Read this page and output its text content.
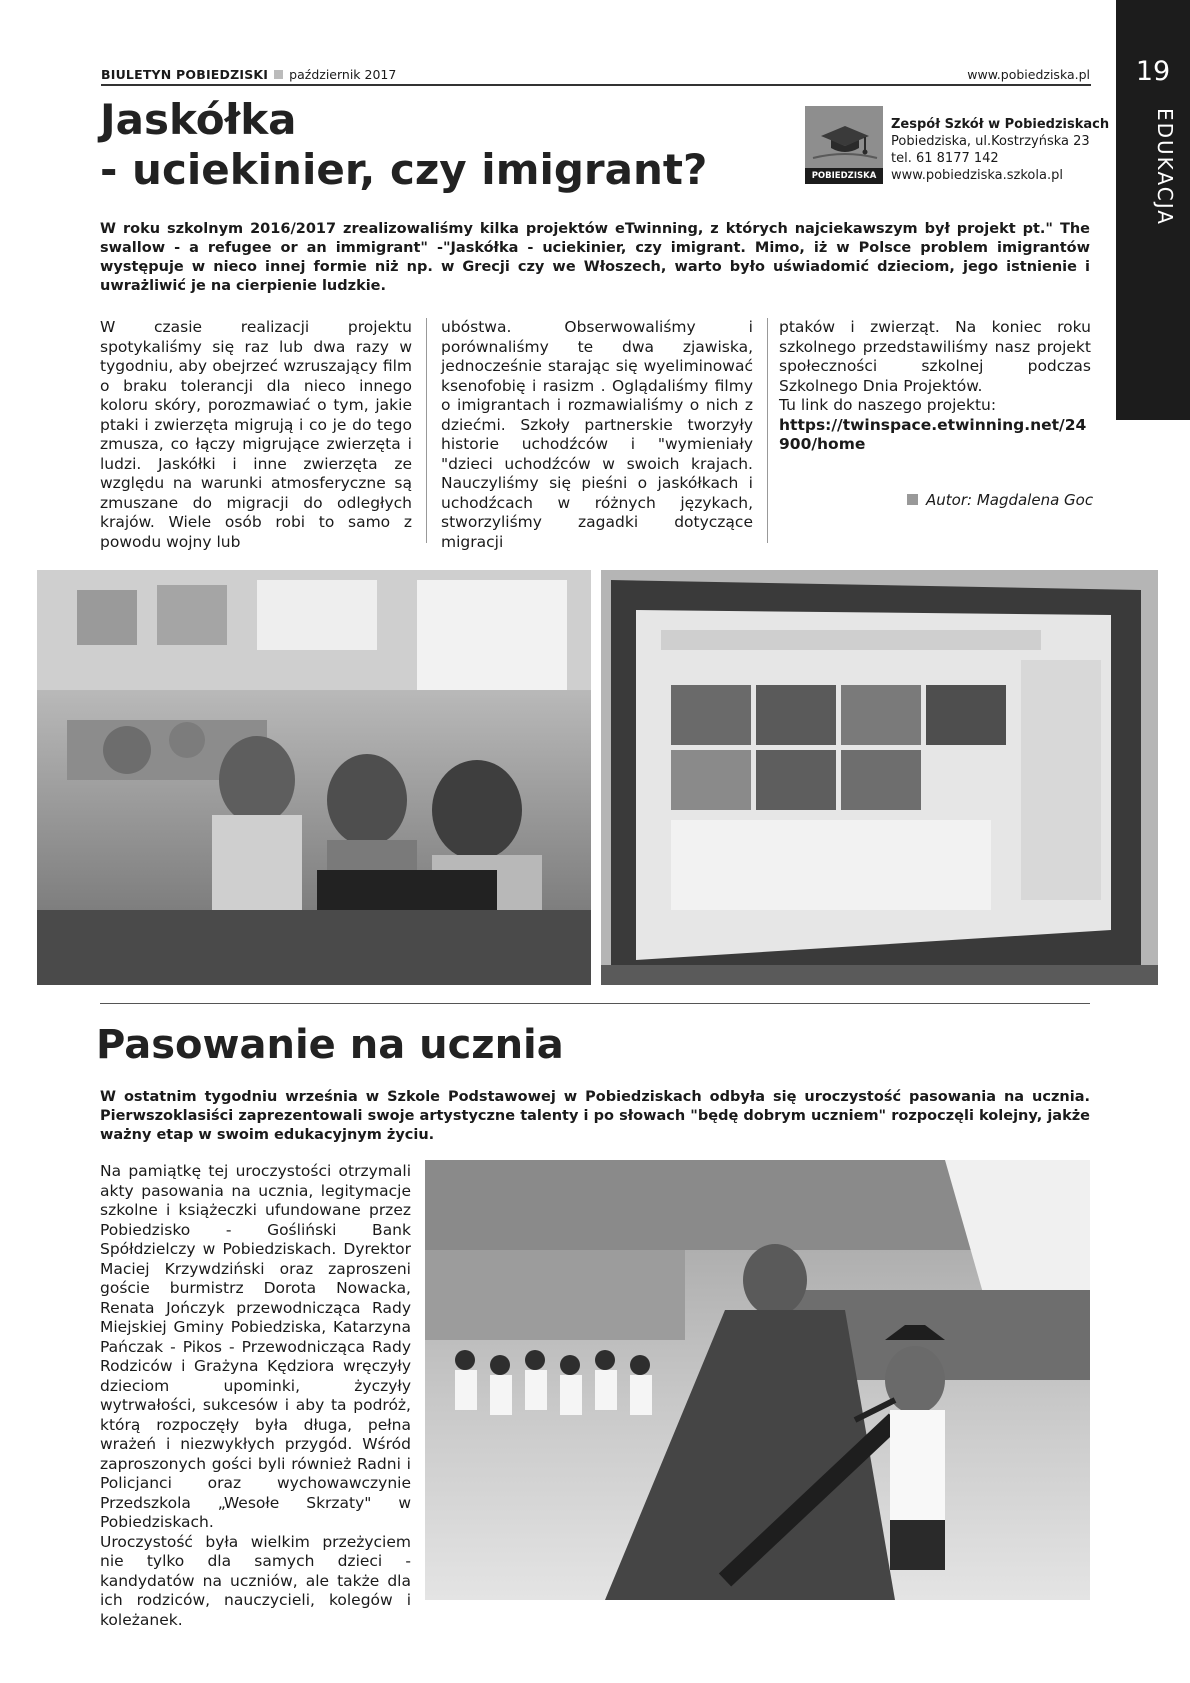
BIULETYN POBIEDZISKI październik 2017	www.pobiedziska.pl	19
EDUKACJA
Jaskółka
- uciekinier, czy imigrant?	POBIEDZISKA
Zespół Szkół w Pobiedziskach
Pobiedziska, ul.Kostrzyńska 23
tel. 61 8177 142
www.pobiedziska.szkola.pl
W roku szkolnym 2016/2017 zrealizowaliśmy kilka projektów eTwinning, z których najciekawszym był projekt pt." The swallow - a refugee or an immigrant" -"Jaskółka - uciekinier, czy imigrant. Mimo, iż w Polsce problem imigrantów występuje w nieco innej formie niż np. w Grecji czy we Włoszech, warto było uświadomić dzieciom, jego istnienie i uwrażliwić je na cierpienie ludzkie.
W czasie realizacji projektu spotykaliśmy się raz lub dwa razy w tygodniu, aby obejrzeć wzruszający film o braku tolerancji dla nieco innego koloru skóry, porozmawiać o tym, jakie ptaki i zwierzęta migrują i co je do tego zmusza, co łączy migrujące zwierzęta i ludzi. Jaskółki i inne zwierzęta ze względu na warunki atmosferyczne są zmuszane do migracji do odległych krajów. Wiele osób robi to samo z powodu wojny lub
ubóstwa. Obserwowaliśmy i porównaliśmy te dwa zjawiska, jednocześnie starając się wyeliminować ksenofobię i rasizm . Oglądaliśmy filmy o imigrantach i rozmawialiśmy o nich z dziećmi. Szkoły partnerskie tworzyły historie uchodźców i "wymieniały "dzieci uchodźców w swoich krajach. Nauczyliśmy się pieśni o jaskółkach i uchodźcach w różnych językach, stworzyliśmy zagadki dotyczące migracji
ptaków i zwierząt. Na koniec roku szkolnego przedstawiliśmy nasz projekt społeczności szkolnej podczas Szkolnego Dnia Projektów.
Tu link do naszego projektu:
https://twinspace.etwinning.net/24900/home
Autor: Magdalena Goc
Pasowanie na ucznia
W ostatnim tygodniu września w Szkole Podstawowej w Pobiedziskach odbyła się uroczystość pasowania na ucznia. Pierwszoklasiści zaprezentowali swoje artystyczne talenty i po słowach "będę dobrym uczniem" rozpoczęli kolejny, jakże ważny etap w swoim edukacyjnym życiu.
Na pamiątkę tej uroczystości otrzymali akty pasowania na ucznia, legitymacje szkolne i książeczki ufundowane przez Pobiedzisko - Gośliński Bank Spółdzielczy w Pobiedziskach. Dyrektor Maciej Krzywdziński oraz zaproszeni goście burmistrz Dorota Nowacka, Renata Jończyk przewodnicząca Rady Miejskiej Gminy Pobiedziska, Katarzyna Pańczak - Pikos - Przewodnicząca Rady Rodziców i Grażyna Kędziora wręczyły dzieciom upominki, życzyły wytrwałości, sukcesów i aby ta podróż, którą rozpoczęły była długa, pełna wrażeń i niezwykłych przygód. Wśród zaproszonych gości byli również Radni i Policjanci oraz wychowawczynie Przedszkola „Wesołe Skrzaty" w Pobiedziskach.
Uroczystość była wielkim przeżyciem nie tylko dla samych dzieci - kandydatów na uczniów, ale także dla ich rodziców, nauczycieli, kolegów i koleżanek.
